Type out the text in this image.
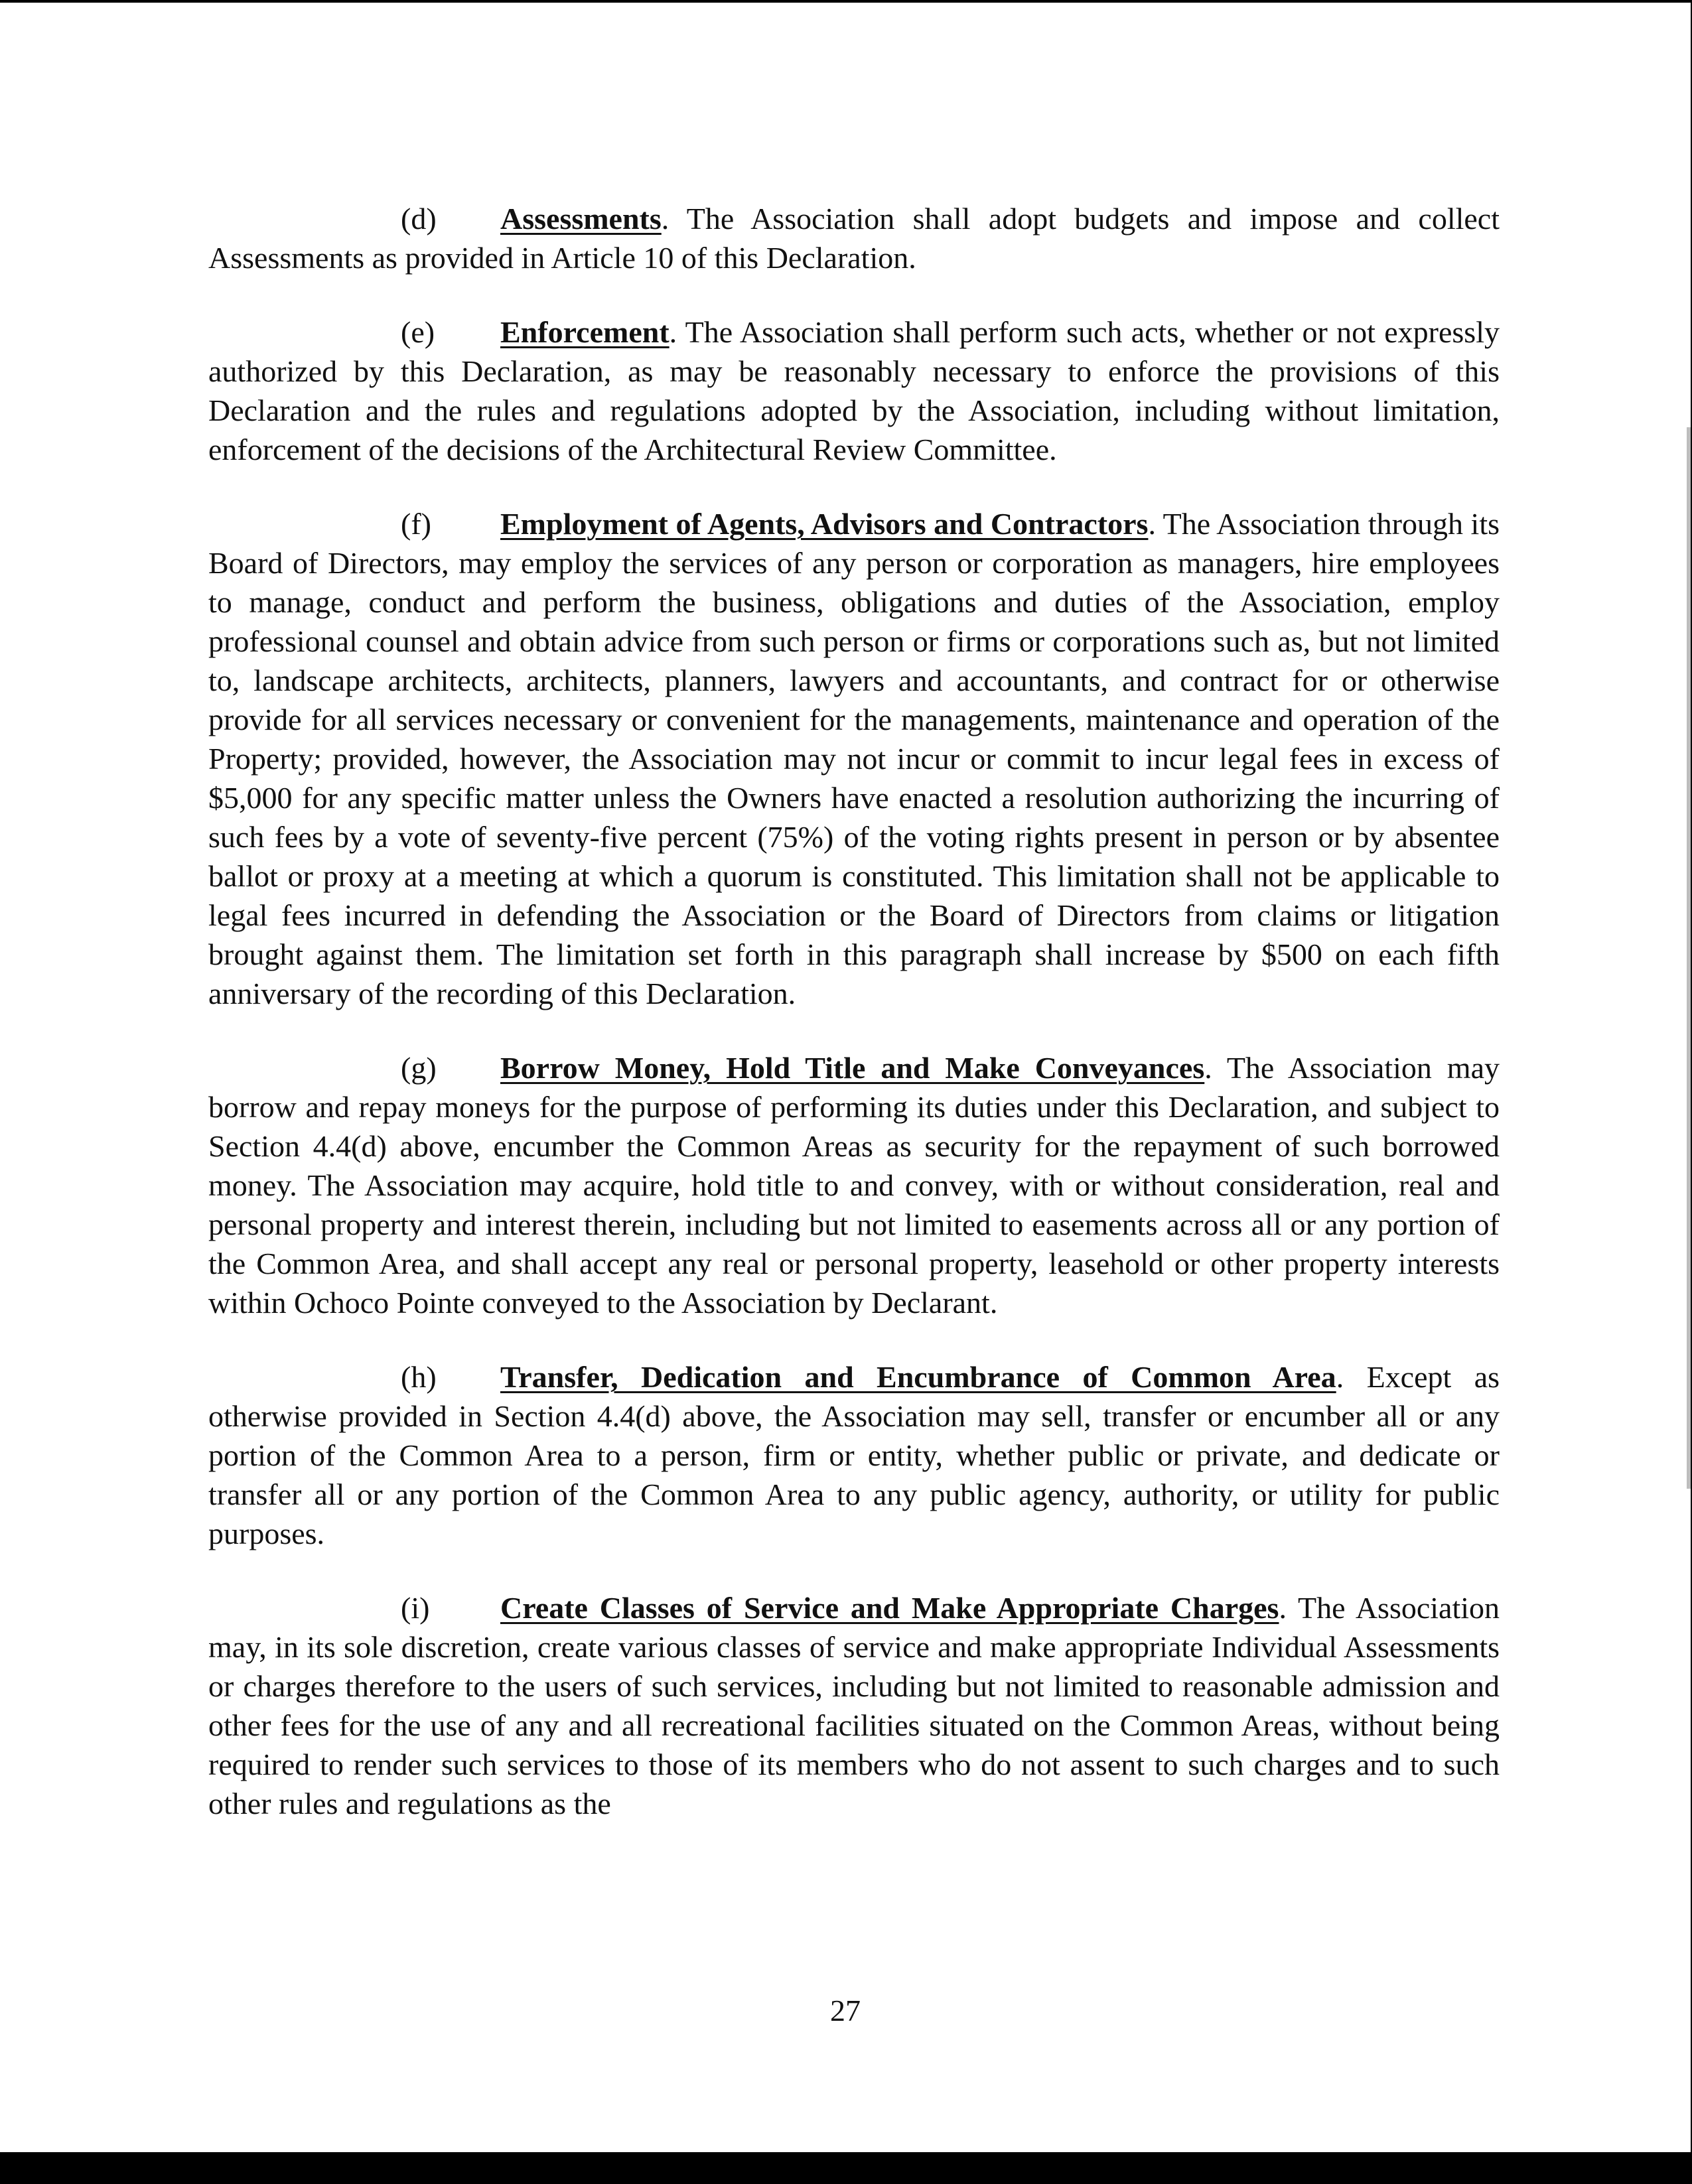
(d) Assessments. The Association shall adopt budgets and impose and collect Assessments as provided in Article 10 of this Declaration.

(e) Enforcement. The Association shall perform such acts, whether or not expressly authorized by this Declaration, as may be reasonably necessary to enforce the provisions of this Declaration and the rules and regulations adopted by the Association, including without limitation, enforcement of the decisions of the Architectural Review Committee.

(f) Employment of Agents, Advisors and Contractors. The Association through its Board of Directors, may employ the services of any person or corporation as managers, hire employees to manage, conduct and perform the business, obligations and duties of the Association, employ professional counsel and obtain advice from such person or firms or corporations such as, but not limited to, landscape architects, architects, planners, lawyers and accountants, and contract for or otherwise provide for all services necessary or convenient for the managements, maintenance and operation of the Property; provided, however, the Association may not incur or commit to incur legal fees in excess of $5,000 for any specific matter unless the Owners have enacted a resolution authorizing the incurring of such fees by a vote of seventy-five percent (75%) of the voting rights present in person or by absentee ballot or proxy at a meeting at which a quorum is constituted. This limitation shall not be applicable to legal fees incurred in defending the Association or the Board of Directors from claims or litigation brought against them. The limitation set forth in this paragraph shall increase by $500 on each fifth anniversary of the recording of this Declaration.

(g) Borrow Money, Hold Title and Make Conveyances. The Association may borrow and repay moneys for the purpose of performing its duties under this Declaration, and subject to Section 4.4(d) above, encumber the Common Areas as security for the repayment of such borrowed money. The Association may acquire, hold title to and convey, with or without consideration, real and personal property and interest therein, including but not limited to easements across all or any portion of the Common Area, and shall accept any real or personal property, leasehold or other property interests within Ochoco Pointe conveyed to the Association by Declarant.

(h) Transfer, Dedication and Encumbrance of Common Area. Except as otherwise provided in Section 4.4(d) above, the Association may sell, transfer or encumber all or any portion of the Common Area to a person, firm or entity, whether public or private, and dedicate or transfer all or any portion of the Common Area to any public agency, authority, or utility for public purposes.

(i) Create Classes of Service and Make Appropriate Charges. The Association may, in its sole discretion, create various classes of service and make appropriate Individual Assessments or charges therefore to the users of such services, including but not limited to reasonable admission and other fees for the use of any and all recreational facilities situated on the Common Areas, without being required to render such services to those of its members who do not assent to such charges and to such other rules and regulations as the

27
